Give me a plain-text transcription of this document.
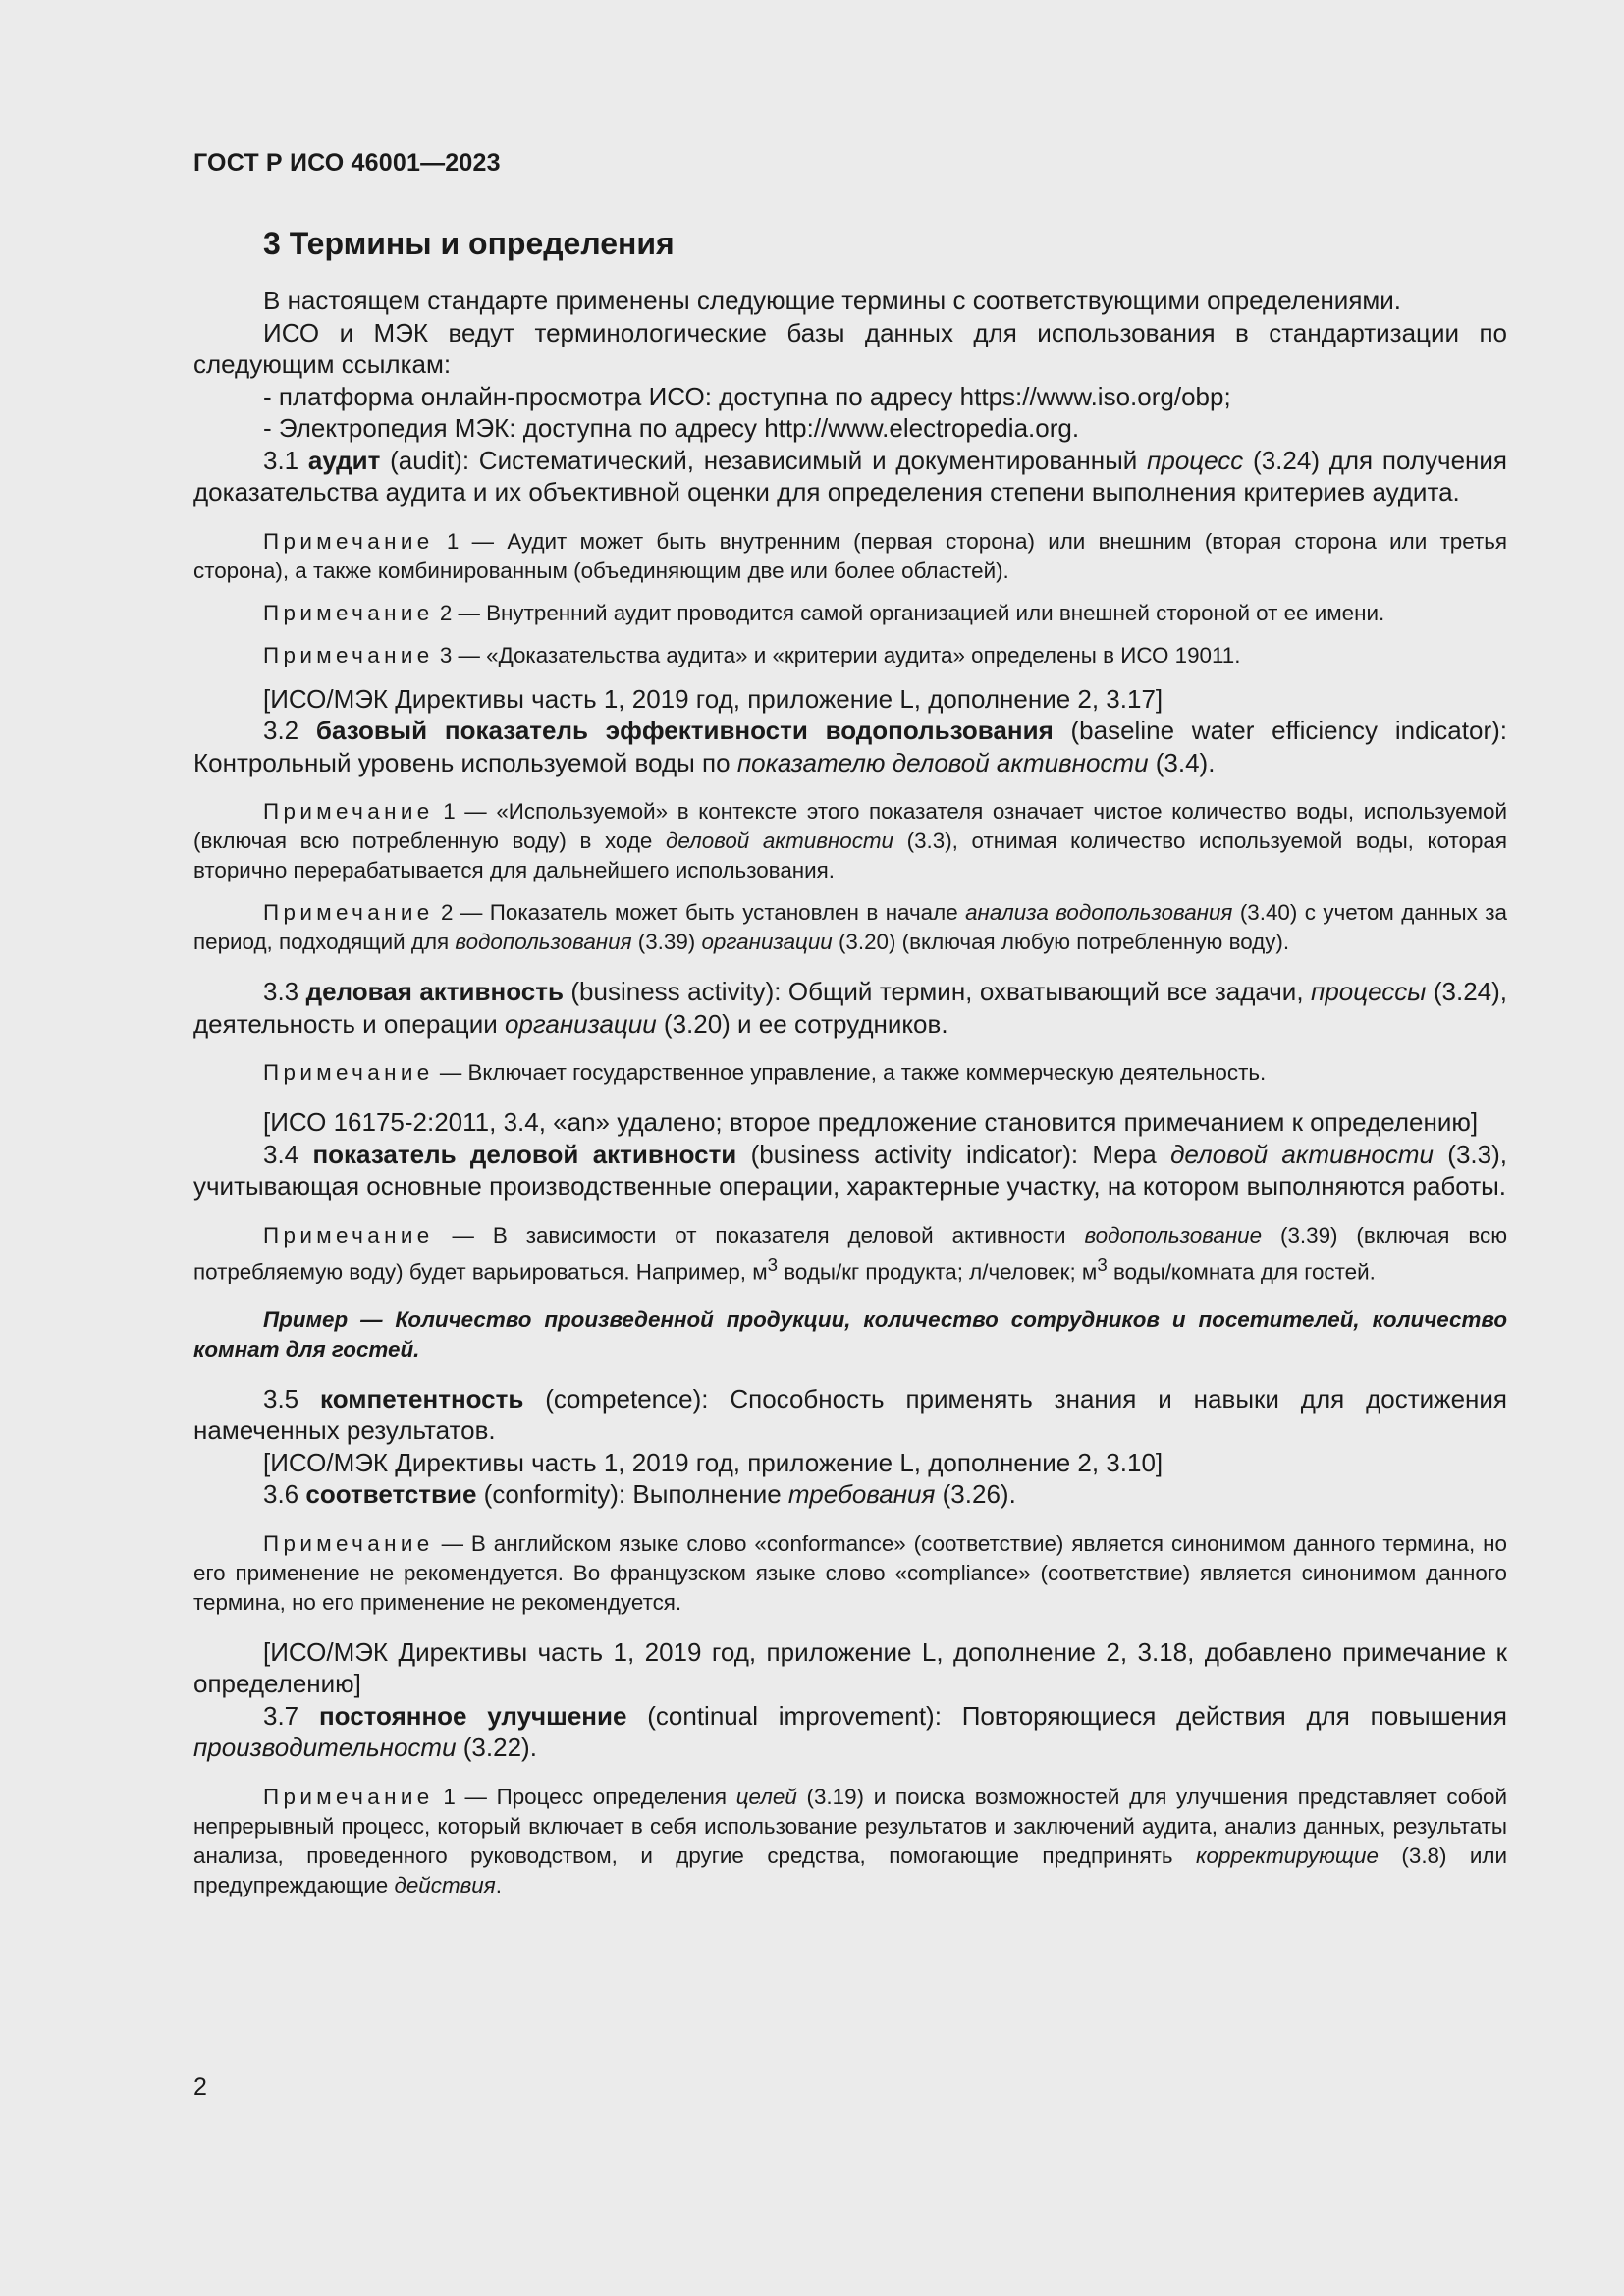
ГОСТ Р ИСО 46001—2023
3 Термины и определения

В настоящем стандарте применены следующие термины с соответствующими определениями.

ИСО и МЭК ведут терминологические базы данных для использования в стандартизации по следующим ссылкам:

- платформа онлайн-просмотра ИСО: доступна по адресу https://www.iso.org/obp;

- Электропедия МЭК: доступна по адресу http://www.electropedia.org.

3.1 аудит (audit): Систематический, независимый и документированный процесс (3.24) для получения доказательства аудита и их объективной оценки для определения степени выполнения критериев аудита.

Примечание 1 — Аудит может быть внутренним (первая сторона) или внешним (вторая сторона или третья сторона), а также комбинированным (объединяющим две или более областей).

Примечание 2 — Внутренний аудит проводится самой организацией или внешней стороной от ее имени.

Примечание 3 — «Доказательства аудита» и «критерии аудита» определены в ИСО 19011.

[ИСО/МЭК Директивы часть 1, 2019 год, приложение L, дополнение 2, 3.17]

3.2 базовый показатель эффективности водопользования (baseline water efficiency indicator): Контрольный уровень используемой воды по показателю деловой активности (3.4).

Примечание 1 — «Используемой» в контексте этого показателя означает чистое количество воды, используемой (включая всю потребленную воду) в ходе деловой активности (3.3), отнимая количество используемой воды, которая вторично перерабатывается для дальнейшего использования.

Примечание 2 — Показатель может быть установлен в начале анализа водопользования (3.40) с учетом данных за период, подходящий для водопользования (3.39) организации (3.20) (включая любую потребленную воду).

3.3 деловая активность (business activity): Общий термин, охватывающий все задачи, процессы (3.24), деятельность и операции организации (3.20) и ее сотрудников.

Примечание — Включает государственное управление, а также коммерческую деятельность.

[ИСО 16175-2:2011, 3.4, «an» удалено; второе предложение становится примечанием к определению]

3.4 показатель деловой активности (business activity indicator): Мера деловой активности (3.3), учитывающая основные производственные операции, характерные участку, на котором выполняются работы.

Примечание — В зависимости от показателя деловой активности водопользование (3.39) (включая всю потребляемую воду) будет варьироваться. Например, $м^3$ воды/кг продукта; л/человек; $м^3$ воды/комната для гостей.

Пример — Количество произведенной продукции, количество сотрудников и посетителей, количество комнат для гостей.

3.5 компетентность (competence): Способность применять знания и навыки для достижения намеченных результатов.

[ИСО/МЭК Директивы часть 1, 2019 год, приложение L, дополнение 2, 3.10]

3.6 соответствие (conformity): Выполнение требования (3.26).

Примечание — В английском языке слово «conformance» (соответствие) является синонимом данного термина, но его применение не рекомендуется. Во французском языке слово «compliance» (соответствие) является синонимом данного термина, но его применение не рекомендуется.

[ИСО/МЭК Директивы часть 1, 2019 год, приложение L, дополнение 2, 3.18, добавлено примечание к определению]

3.7 постоянное улучшение (continual improvement): Повторяющиеся действия для повышения производительности (3.22).

Примечание 1 — Процесс определения целей (3.19) и поиска возможностей для улучшения представляет собой непрерывный процесс, который включает в себя использование результатов и заключений аудита, анализ данных, результаты анализа, проведенного руководством, и другие средства, помогающие предпринять корректирующие (3.8) или предупреждающие действия.

2
